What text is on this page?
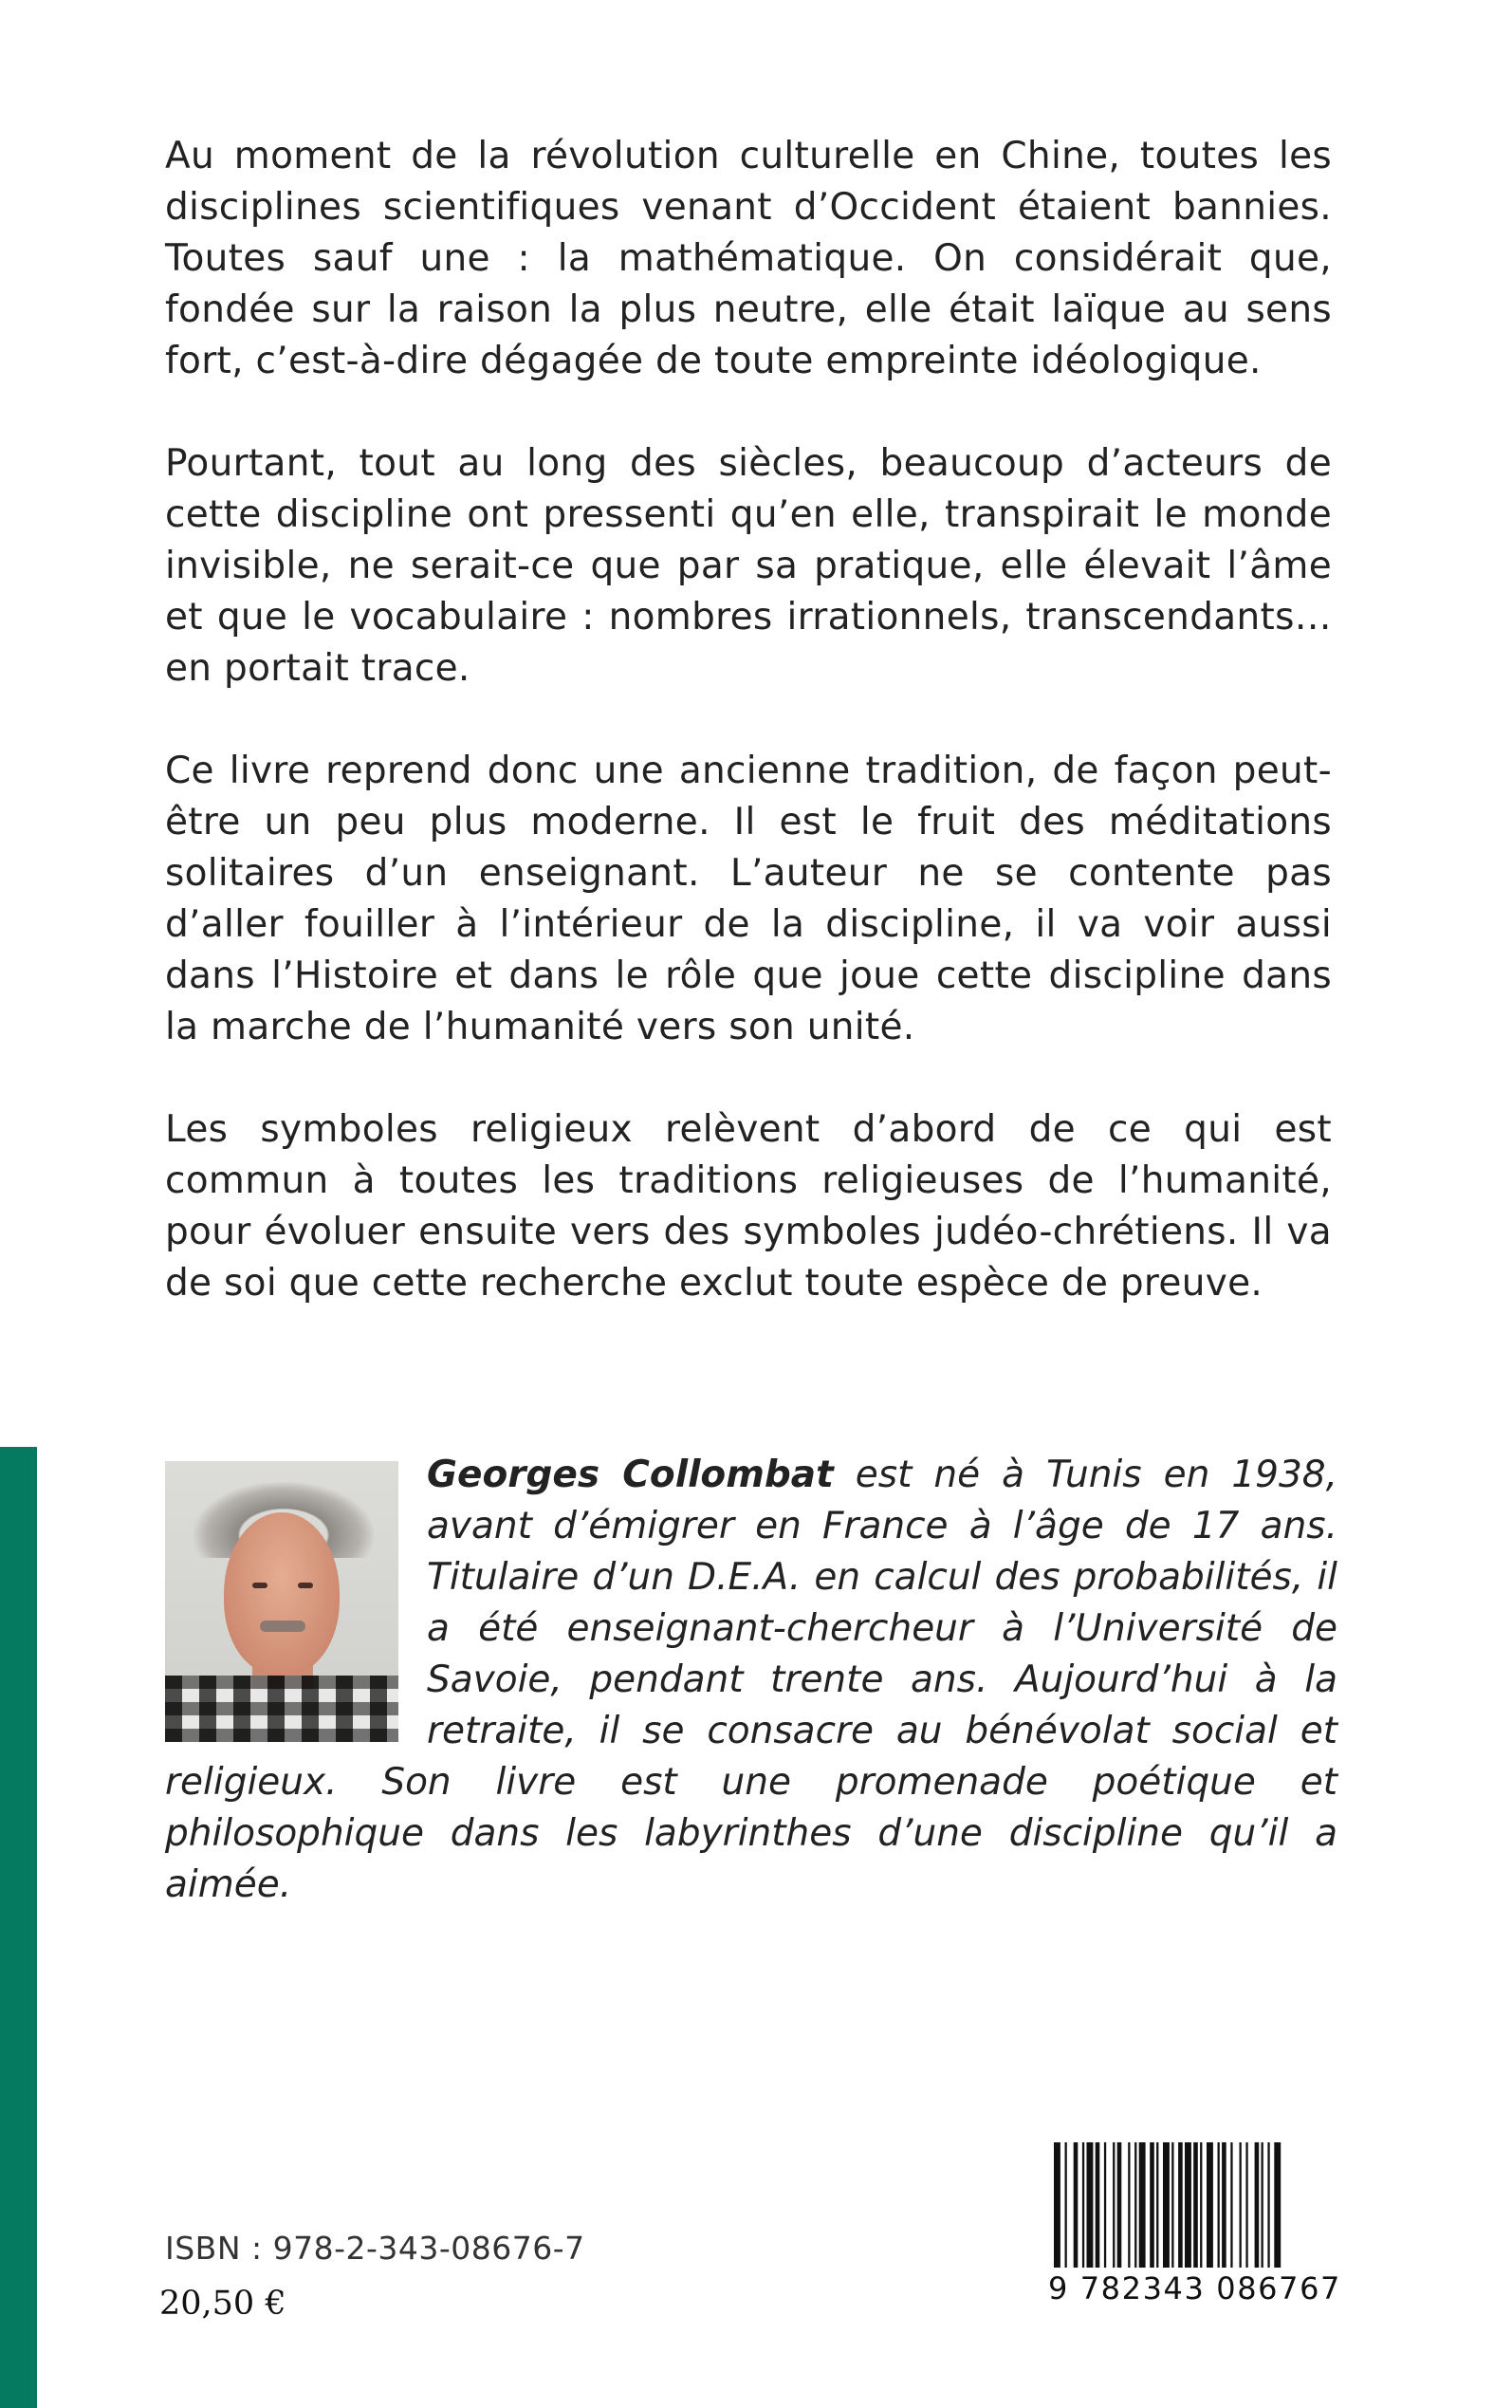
Au moment de la révolution culturelle en Chine, toutes les disciplines scientifiques venant d’Occident étaient bannies. Toutes sauf une : la mathématique. On considérait que, fondée sur la raison la plus neutre, elle était laïque au sens fort, c’est-à-dire dégagée de toute empreinte idéologique.

Pourtant, tout au long des siècles, beaucoup d’acteurs de cette discipline ont pressenti qu’en elle, transpirait le monde invisible, ne serait-ce que par sa pratique, elle élevait l’âme et que le vocabulaire : nombres irrationnels, transcendants… en portait trace.

Ce livre reprend donc une ancienne tradition, de façon peut-être un peu plus moderne. Il est le fruit des méditations solitaires d’un enseignant. L’auteur ne se contente pas d’aller fouiller à l’intérieur de la discipline, il va voir aussi dans l’Histoire et dans le rôle que joue cette discipline dans la marche de l’humanité vers son unité.

Les symboles religieux relèvent d’abord de ce qui est commun à toutes les traditions religieuses de l’humanité, pour évoluer ensuite vers des symboles judéo-chrétiens. Il va de soi que cette recherche exclut toute espèce de preuve.

Georges Collombat est né à Tunis en 1938, avant d’émigrer en France à l’âge de 17 ans. Titulaire d’un D.E.A. en calcul des probabilités, il a été enseignant-chercheur à l’Université de Savoie, pendant trente ans. Aujourd’hui à la retraite, il se consacre au bénévolat social et religieux. Son livre est une promenade poétique et philosophique dans les labyrinthes d’une discipline qu’il a aimée.
ISBN : 978-2-343-08676-7
20,50 €	9 782343 086767
